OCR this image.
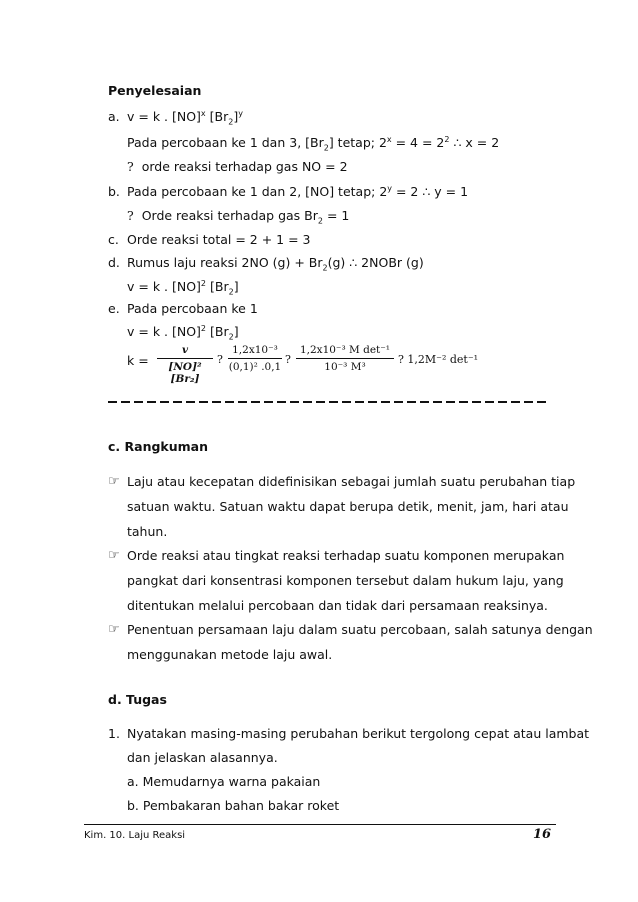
Penyelesaian
a. v = k . [NO]$^x$ $[Br_2]^y$
Pada percobaan ke 1 dan 3, $[Br_2]$ tetap; $2^x = 4 = 2^2$ ∴ x = 2
? orde reaksi terhadap gas NO = 2
b. Pada percobaan ke 1 dan 2, [NO] tetap; $2^y = 2$ ∴ y = 1
? Orde reaksi terhadap gas $Br_2 = 1$
c. Orde reaksi total = 2 + 1 = 3
d. Rumus laju reaksi 2NO $(g) + Br_2(g)$ ∴ 2NOBr (g)
v = k . [NO]$^2$ $[Br_2]$
e. Pada percobaan ke 1
v = k . [NO]$^2$ $[Br_2]$
$k = \frac{v}{\text{[NO]² [Br₂]}}$ ? $\frac{\text{1,2x10⁻³}}{\text{(0,1)² .0,1}}$ ?
1,2x10⁻³ M det⁻¹
10⁻³ M³
? 1,2M⁻² det⁻¹
c. Rangkuman
☞ Laju atau kecepatan didefinisikan sebagai jumlah suatu perubahan tiap
satuan waktu. Satuan waktu dapat berupa detik, menit, jam, hari atau
tahun.
☞ Orde reaksi atau tingkat reaksi terhadap suatu komponen merupakan
pangkat dari konsentrasi komponen tersebut dalam hukum laju, yang
ditentukan melalui percobaan dan tidak dari persamaan reaksinya.
☞ Penentuan persamaan laju dalam suatu percobaan, salah satunya dengan
menggunakan metode laju awal.
d. Tugas
1. Nyatakan masing-masing perubahan berikut tergolong cepat atau lambat
dan jelaskan alasannya.
a. Memudarnya warna pakaian
b. Pembakaran bahan bakar roket
Kim. 10. Laju Reaksi	16
